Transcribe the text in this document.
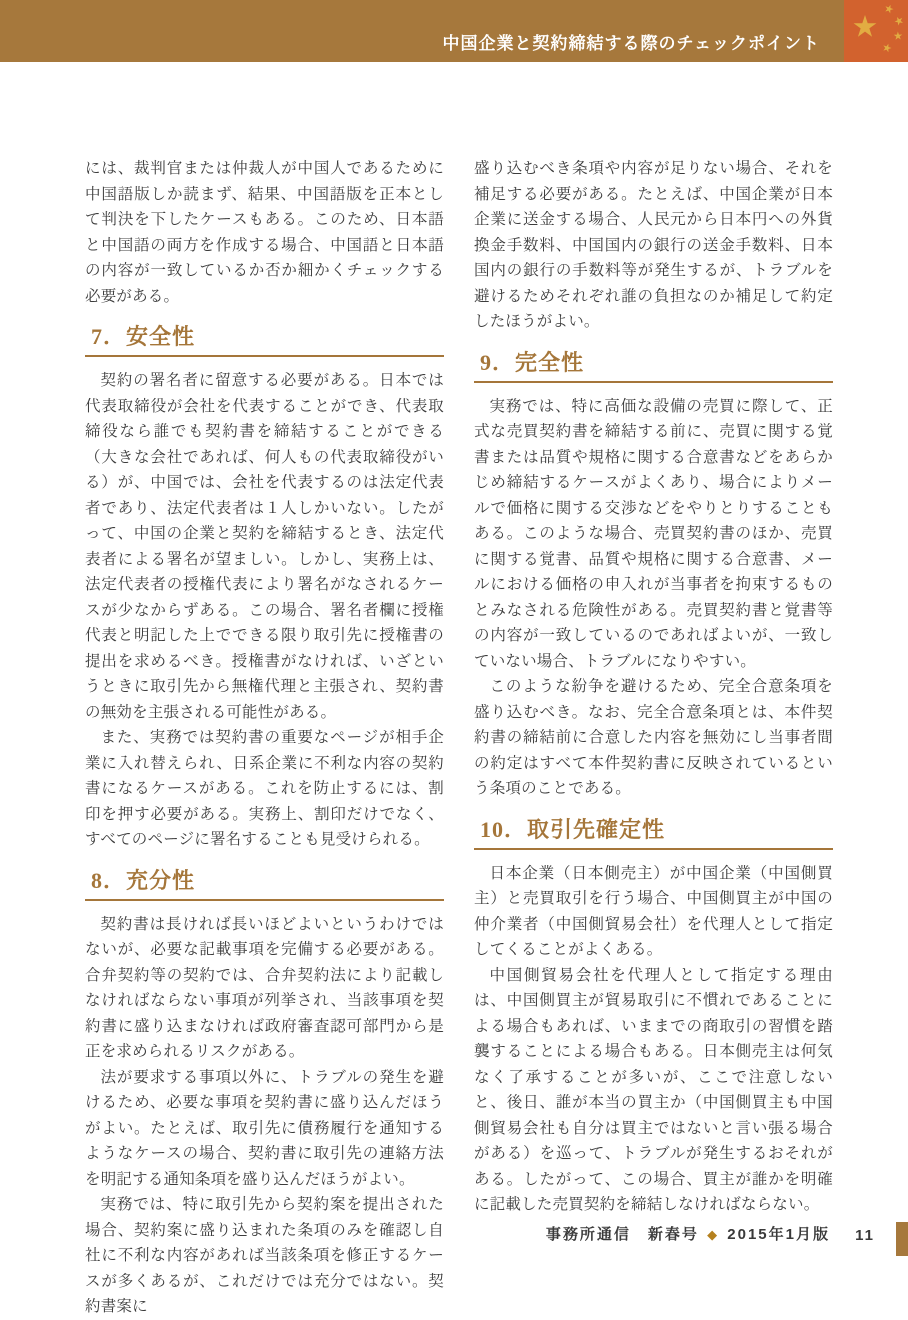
中国企業と契約締結する際のチェックポイント

には、裁判官または仲裁人が中国人であるために中国語版しか読まず、結果、中国語版を正本として判決を下したケースもある。このため、日本語と中国語の両方を作成する場合、中国語と日本語の内容が一致しているか否か細かくチェックする必要がある。

7．安全性

契約の署名者に留意する必要がある。日本では代表取締役が会社を代表することができ、代表取締役なら誰でも契約書を締結することができる（大きな会社であれば、何人もの代表取締役がいる）が、中国では、会社を代表するのは法定代表者であり、法定代表者は１人しかいない。したがって、中国の企業と契約を締結するとき、法定代表者による署名が望ましい。しかし、実務上は、法定代表者の授権代表により署名がなされるケースが少なからずある。この場合、署名者欄に授権代表と明記した上でできる限り取引先に授権書の提出を求めるべき。授権書がなければ、いざというときに取引先から無権代理と主張され、契約書の無効を主張される可能性がある。

また、実務では契約書の重要なページが相手企業に入れ替えられ、日系企業に不利な内容の契約書になるケースがある。これを防止するには、割印を押す必要がある。実務上、割印だけでなく、すべてのページに署名することも見受けられる。

8．充分性

契約書は長ければ長いほどよいというわけではないが、必要な記載事項を完備する必要がある。合弁契約等の契約では、合弁契約法により記載しなければならない事項が列挙され、当該事項を契約書に盛り込まなければ政府審査認可部門から是正を求められるリスクがある。

法が要求する事項以外に、トラブルの発生を避けるため、必要な事項を契約書に盛り込んだほうがよい。たとえば、取引先に債務履行を通知するようなケースの場合、契約書に取引先の連絡方法を明記する通知条項を盛り込んだほうがよい。

実務では、特に取引先から契約案を提出された場合、契約案に盛り込まれた条項のみを確認し自社に不利な内容があれば当該条項を修正するケースが多くあるが、これだけでは充分ではない。契約書案に

盛り込むべき条項や内容が足りない場合、それを補足する必要がある。たとえば、中国企業が日本企業に送金する場合、人民元から日本円への外貨換金手数料、中国国内の銀行の送金手数料、日本国内の銀行の手数料等が発生するが、トラブルを避けるためそれぞれ誰の負担なのか補足して約定したほうがよい。

9．完全性

実務では、特に高価な設備の売買に際して、正式な売買契約書を締結する前に、売買に関する覚書または品質や規格に関する合意書などをあらかじめ締結するケースがよくあり、場合によりメールで価格に関する交渉などをやりとりすることもある。このような場合、売買契約書のほか、売買に関する覚書、品質や規格に関する合意書、メールにおける価格の申入れが当事者を拘束するものとみなされる危険性がある。売買契約書と覚書等の内容が一致しているのであればよいが、一致していない場合、トラブルになりやすい。

このような紛争を避けるため、完全合意条項を盛り込むべき。なお、完全合意条項とは、本件契約書の締結前に合意した内容を無効にし当事者間の約定はすべて本件契約書に反映されているという条項のことである。

10．取引先確定性

日本企業（日本側売主）が中国企業（中国側買主）と売買取引を行う場合、中国側買主が中国の仲介業者（中国側貿易会社）を代理人として指定してくることがよくある。

中国側貿易会社を代理人として指定する理由は、中国側買主が貿易取引に不慣れであることによる場合もあれば、いままでの商取引の習慣を踏襲することによる場合もある。日本側売主は何気なく了承することが多いが、ここで注意しないと、後日、誰が本当の買主か（中国側買主も中国側貿易会社も自分は買主ではないと言い張る場合がある）を巡って、トラブルが発生するおそれがある。したがって、この場合、買主が誰かを明確に記載した売買契約を締結しなければならない。

事務所通信　新春号 ◆ 2015年1月版 11
